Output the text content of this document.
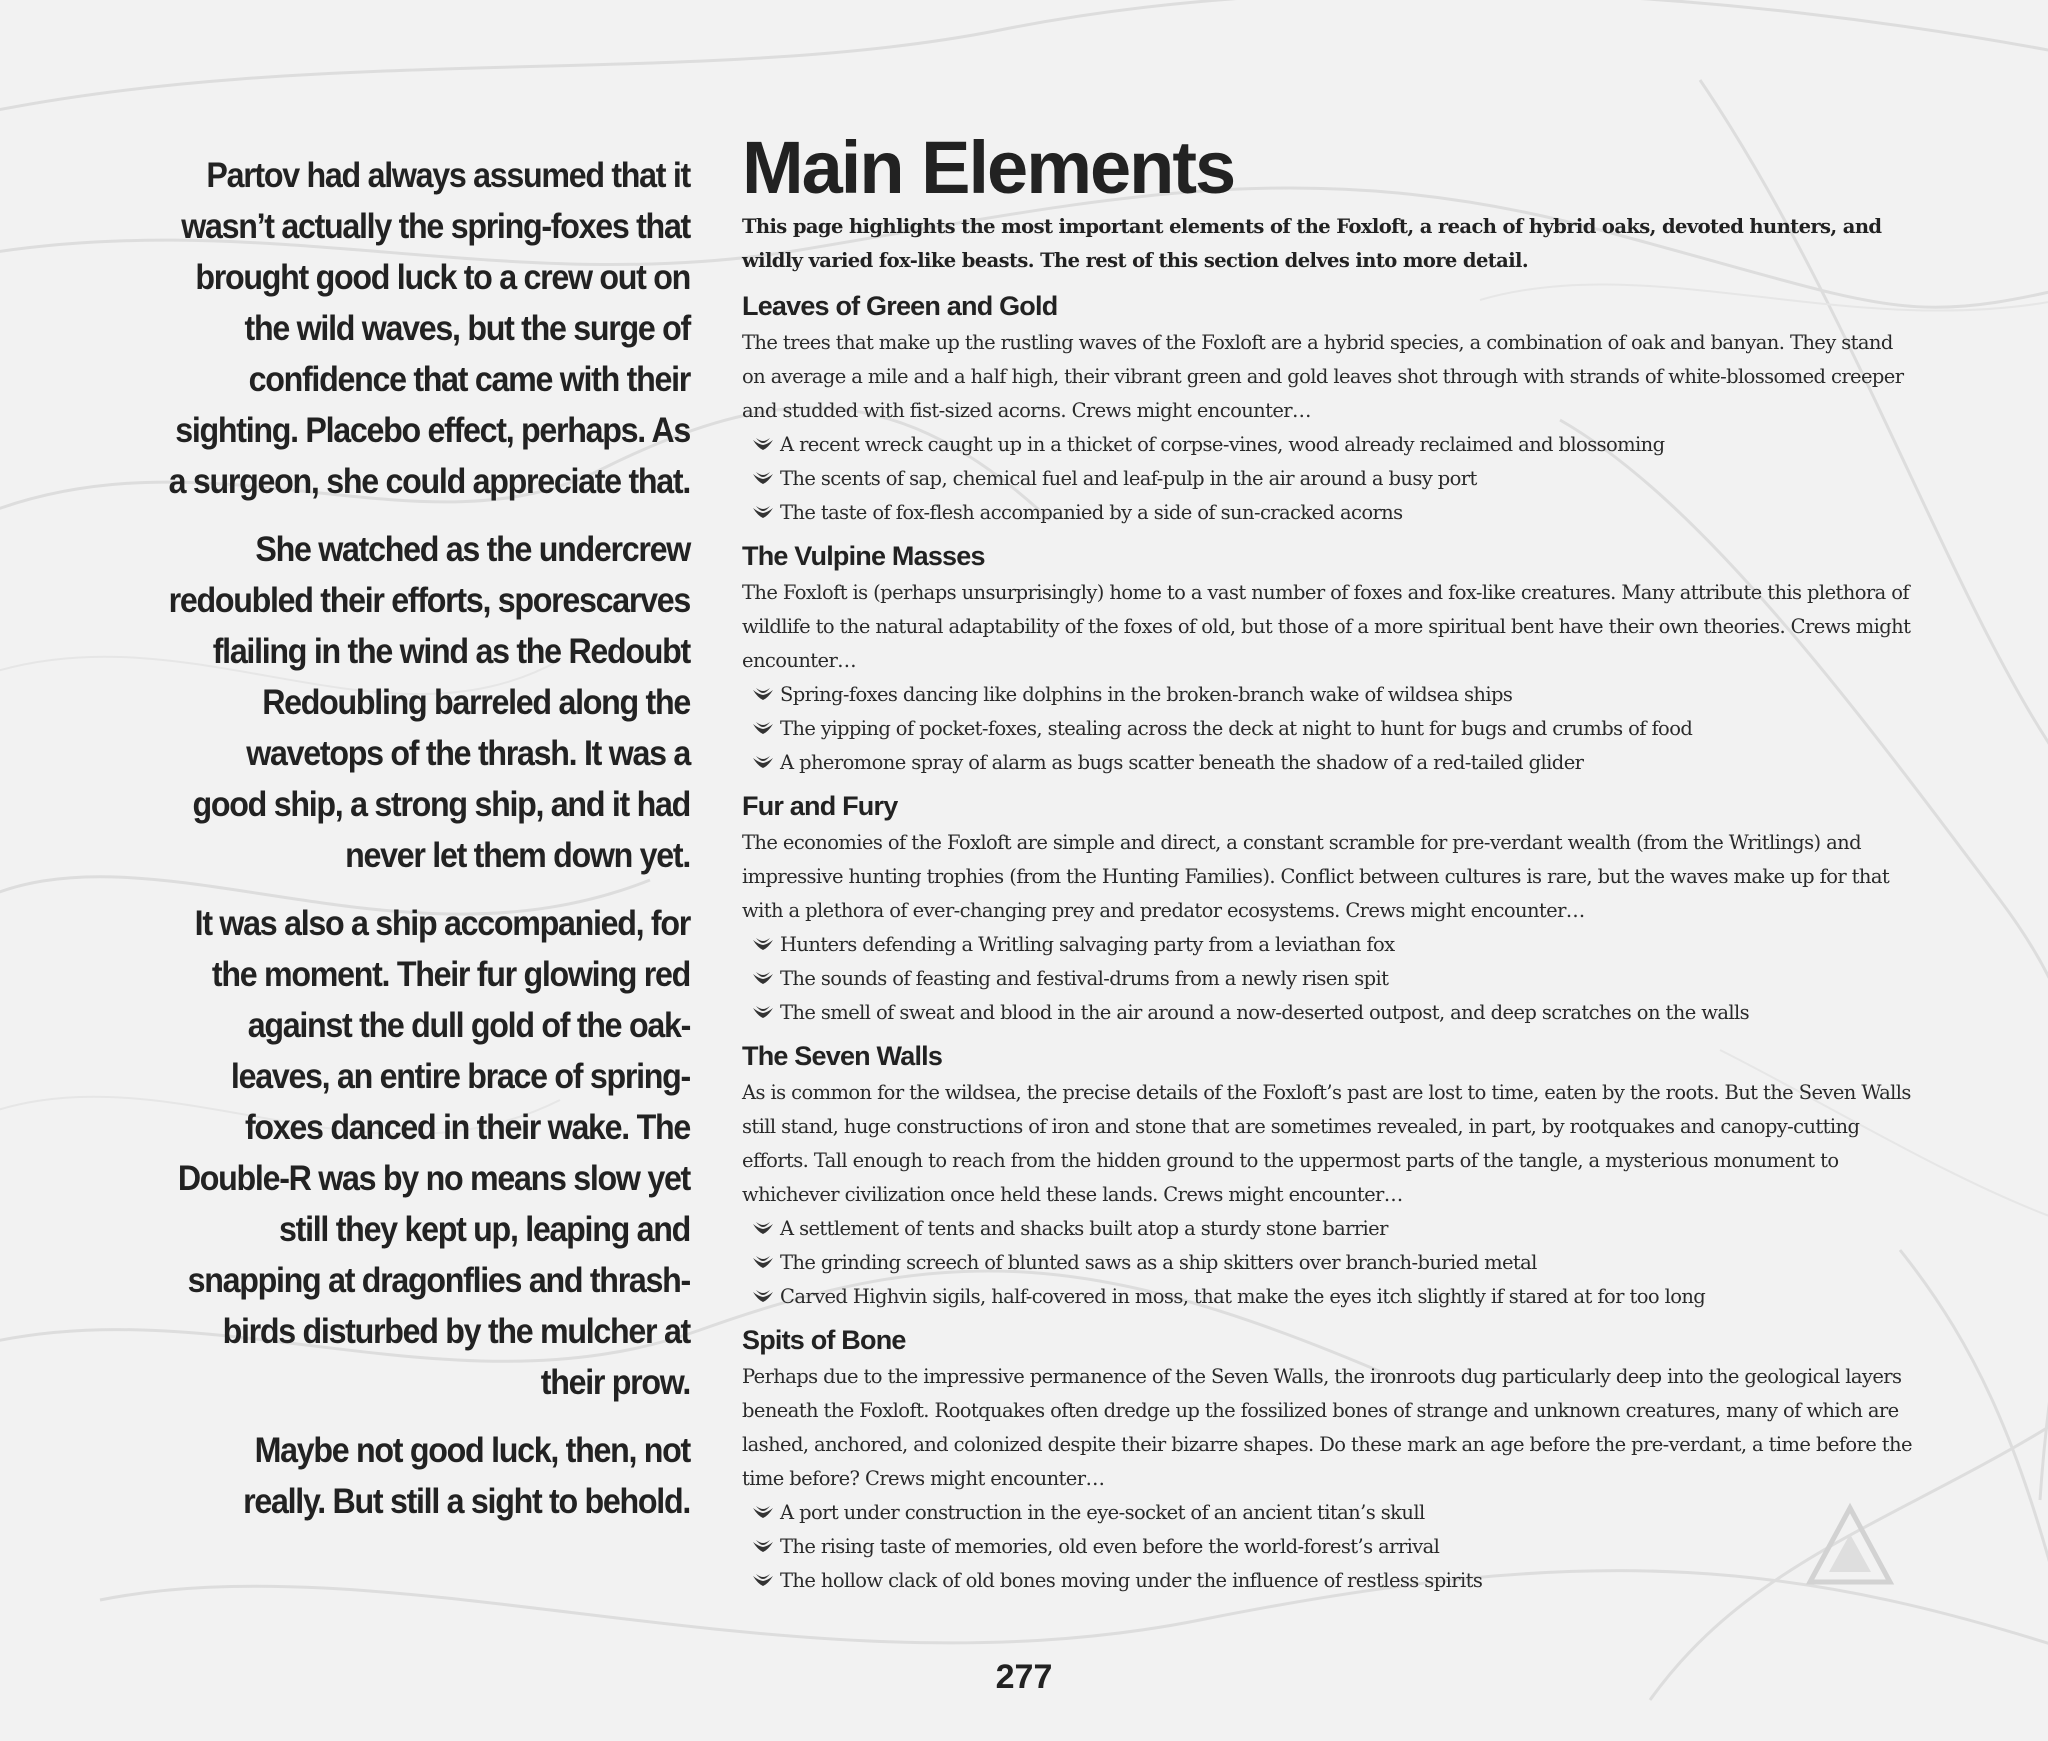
Partov had always assumed that it wasn’t actually the spring-foxes that brought good luck to a crew out on the wild waves, but the surge of confidence that came with their sighting. Placebo effect, perhaps. As a surgeon, she could appreciate that.

She watched as the undercrew redoubled their efforts, sporescarves flailing in the wind as the Redoubt Redoubling barreled along the wavetops of the thrash. It was a good ship, a strong ship, and it had never let them down yet.

It was also a ship accompanied, for the moment. Their fur glowing red against the dull gold of the oak-leaves, an entire brace of spring-foxes danced in their wake. The Double-R was by no means slow yet still they kept up, leaping and snapping at dragonflies and thrash-birds disturbed by the mulcher at their prow.

Maybe not good luck, then, not really. But still a sight to behold.

Main Elements

This page highlights the most important elements of the Foxloft, a reach of hybrid oaks, devoted hunters, and wildly varied fox-like beasts. The rest of this section delves into more detail.

Leaves of Green and Gold

The trees that make up the rustling waves of the Foxloft are a hybrid species, a combination of oak and banyan. They stand on average a mile and a half high, their vibrant green and gold leaves shot through with strands of white-blossomed creeper and studded with fist-sized acorns. Crews might encounter…

A recent wreck caught up in a thicket of corpse-vines, wood already reclaimed and blossoming
The scents of sap, chemical fuel and leaf-pulp in the air around a busy port
The taste of fox-flesh accompanied by a side of sun-cracked acorns
The Vulpine Masses

The Foxloft is (perhaps unsurprisingly) home to a vast number of foxes and fox-like creatures. Many attribute this plethora of wildlife to the natural adaptability of the foxes of old, but those of a more spiritual bent have their own theories. Crews might encounter…

Spring-foxes dancing like dolphins in the broken-branch wake of wildsea ships
The yipping of pocket-foxes, stealing across the deck at night to hunt for bugs and crumbs of food
A pheromone spray of alarm as bugs scatter beneath the shadow of a red-tailed glider
Fur and Fury

The economies of the Foxloft are simple and direct, a constant scramble for pre-verdant wealth (from the Writlings) and impressive hunting trophies (from the Hunting Families). Conflict between cultures is rare, but the waves make up for that with a plethora of ever-changing prey and predator ecosystems. Crews might encounter…

Hunters defending a Writling salvaging party from a leviathan fox
The sounds of feasting and festival-drums from a newly risen spit
The smell of sweat and blood in the air around a now-deserted outpost, and deep scratches on the walls
The Seven Walls

As is common for the wildsea, the precise details of the Foxloft’s past are lost to time, eaten by the roots. But the Seven Walls still stand, huge constructions of iron and stone that are sometimes revealed, in part, by rootquakes and canopy-cutting efforts. Tall enough to reach from the hidden ground to the uppermost parts of the tangle, a mysterious monument to whichever civilization once held these lands. Crews might encounter…

A settlement of tents and shacks built atop a sturdy stone barrier
The grinding screech of blunted saws as a ship skitters over branch-buried metal
Carved Highvin sigils, half-covered in moss, that make the eyes itch slightly if stared at for too long
Spits of Bone

Perhaps due to the impressive permanence of the Seven Walls, the ironroots dug particularly deep into the geological layers beneath the Foxloft. Rootquakes often dredge up the fossilized bones of strange and unknown creatures, many of which are lashed, anchored, and colonized despite their bizarre shapes. Do these mark an age before the pre-verdant, a time before the time before? Crews might encounter…

A port under construction in the eye-socket of an ancient titan’s skull
The rising taste of memories, old even before the world-forest’s arrival
The hollow clack of old bones moving under the influence of restless spirits
277
